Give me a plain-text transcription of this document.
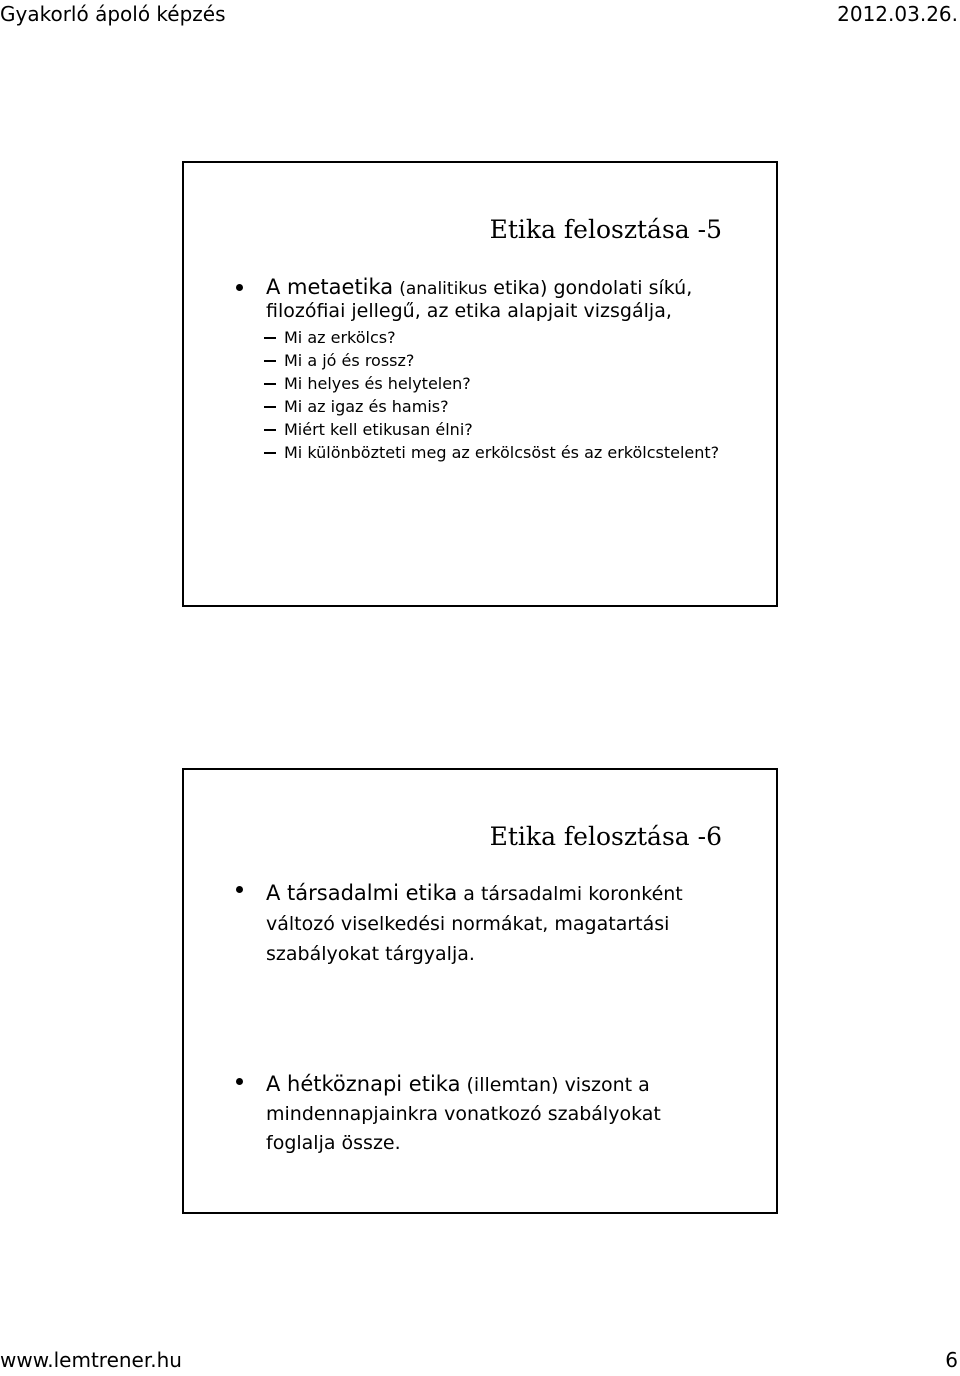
Gyakorló ápoló képzés	2012.03.26.
Etika felosztása -5
A metaetika (analitikus etika) gondolati síkú, filozófiai jellegű, az etika alapjait vizsgálja,
Mi az erkölcs?
Mi a jó és rossz?
Mi helyes és helytelen?
Mi az igaz és hamis?
Miért kell etikusan élni?
Mi különbözteti meg az erkölcsöst és az erkölcstelent?
Etika felosztása -6
A társadalmi etika a társadalmi koronként változó viselkedési normákat, magatartási szabályokat tárgyalja.
A hétköznapi etika (illemtan) viszont a mindennapjainkra vonatkozó szabályokat foglalja össze.
www.lemtrener.hu	6
